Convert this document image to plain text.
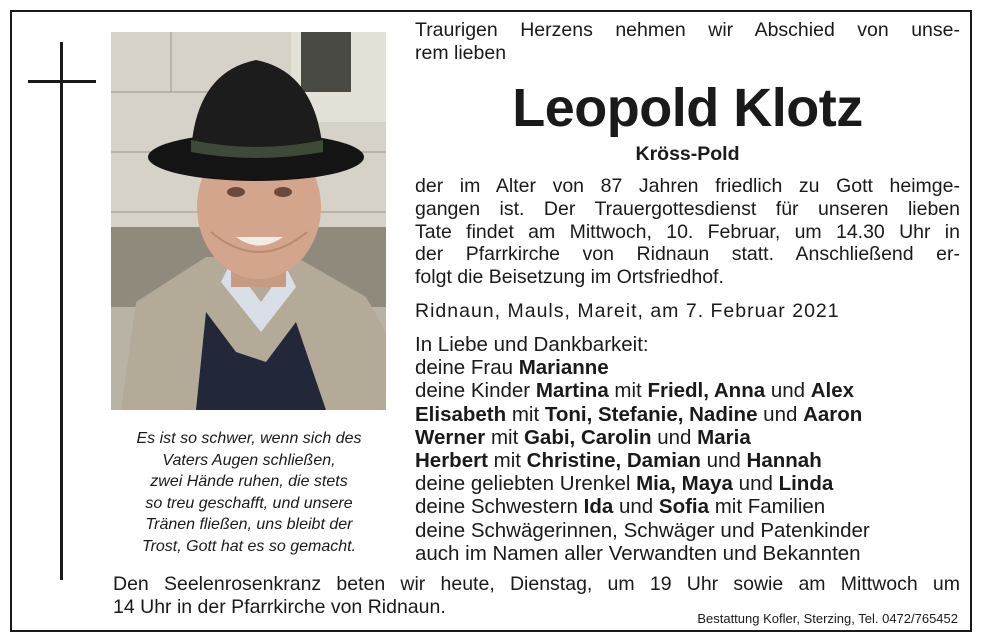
Es ist so schwer, wenn sich des
Vaters Augen schließen,
zwei Hände ruhen, die stets
so treu geschafft, und unsere
Tränen fließen, uns bleibt der
Trost, Gott hat es so gemacht.
Traurigen Herzens nehmen wir Abschied von unse-
rem lieben
Leopold Klotz
Kröss-Pold
der im Alter von 87 Jahren friedlich zu Gott heimge-
gangen ist. Der Trauergottesdienst für unseren lieben
Tate findet am Mittwoch, 10. Februar, um 14.30 Uhr in
der Pfarrkirche von Ridnaun statt. Anschließend er-
folgt die Beisetzung im Ortsfriedhof.
Ridnaun, Mauls, Mareit, am 7. Februar 2021
In Liebe und Dankbarkeit:
deine Frau Marianne
deine Kinder Martina mit Friedl, Anna und Alex
Elisabeth mit Toni, Stefanie, Nadine und Aaron
Werner mit Gabi, Carolin und Maria
Herbert mit Christine, Damian und Hannah
deine geliebten Urenkel Mia, Maya und Linda
deine Schwestern Ida und Sofia mit Familien
deine Schwägerinnen, Schwäger und Patenkinder
auch im Namen aller Verwandten und Bekannten
Den Seelenrosenkranz beten wir heute, Dienstag, um 19 Uhr sowie am Mittwoch um
14 Uhr in der Pfarrkirche von Ridnaun.
Bestattung Kofler, Sterzing, Tel. 0472/765452
